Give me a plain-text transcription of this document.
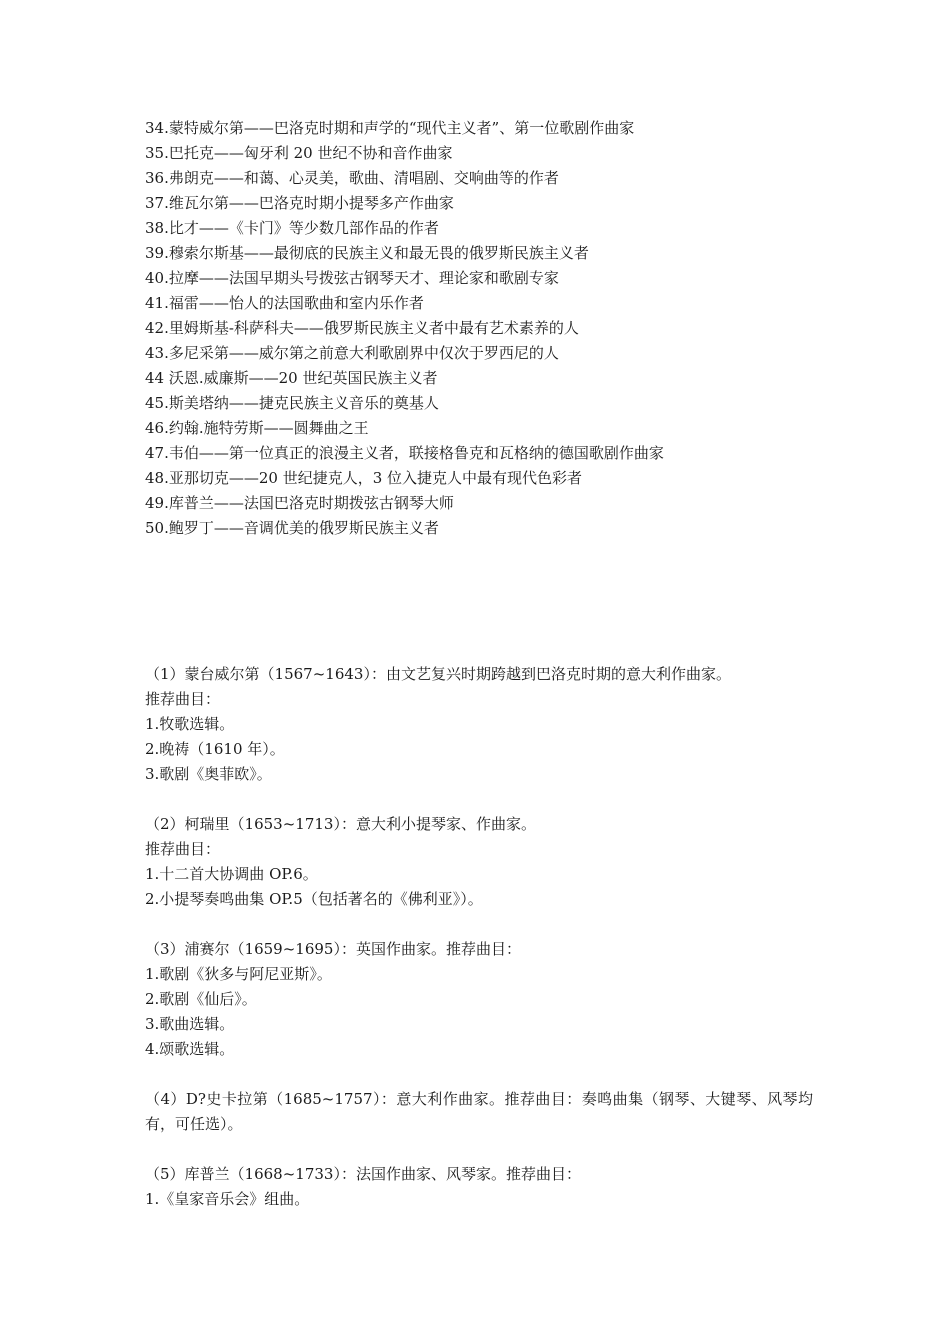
34.蒙特威尔第——巴洛克时期和声学的“现代主义者”、第一位歌剧作曲家
35.巴托克——匈牙利 20 世纪不协和音作曲家
36.弗朗克——和蔼、心灵美，歌曲、清唱剧、交响曲等的作者
37.维瓦尔第——巴洛克时期小提琴多产作曲家
38.比才——《卡门》等少数几部作品的作者
39.穆索尔斯基——最彻底的民族主义和最无畏的俄罗斯民族主义者
40.拉摩——法国早期头号拨弦古钢琴天才、理论家和歌剧专家
41.福雷——怡人的法国歌曲和室内乐作者
42.里姆斯基-科萨科夫——俄罗斯民族主义者中最有艺术素养的人
43.多尼采第——威尔第之前意大利歌剧界中仅次于罗西尼的人
44 沃恩.威廉斯——20 世纪英国民族主义者
45.斯美塔纳——捷克民族主义音乐的奠基人
46.约翰.施特劳斯——圆舞曲之王
47.韦伯——第一位真正的浪漫主义者，联接格鲁克和瓦格纳的德国歌剧作曲家
48.亚那切克——20 世纪捷克人，3 位入捷克人中最有现代色彩者
49.库普兰——法国巴洛克时期拨弦古钢琴大师
50.鲍罗丁——音调优美的俄罗斯民族主义者
（1）蒙台威尔第（1567~1643）：由文艺复兴时期跨越到巴洛克时期的意大利作曲家。
推荐曲目：
1.牧歌选辑。
2.晚祷（1610 年）。
3.歌剧《奥菲欧》。
（2）柯瑞里（1653~1713）：意大利小提琴家、作曲家。
推荐曲目：
1.十二首大协调曲 OP.6。
2.小提琴奏鸣曲集 OP.5（包括著名的《佛利亚》）。
（3）浦赛尔（1659~1695）：英国作曲家。推荐曲目：
1.歌剧《狄多与阿尼亚斯》。
2.歌剧《仙后》。
3.歌曲选辑。
4.颂歌选辑。
（4）D?史卡拉第（1685~1757）：意大利作曲家。推荐曲目：奏鸣曲集（钢琴、大键琴、风琴均有，可任选）。
（5）库普兰（1668~1733）：法国作曲家、风琴家。推荐曲目：
1.《皇家音乐会》组曲。
